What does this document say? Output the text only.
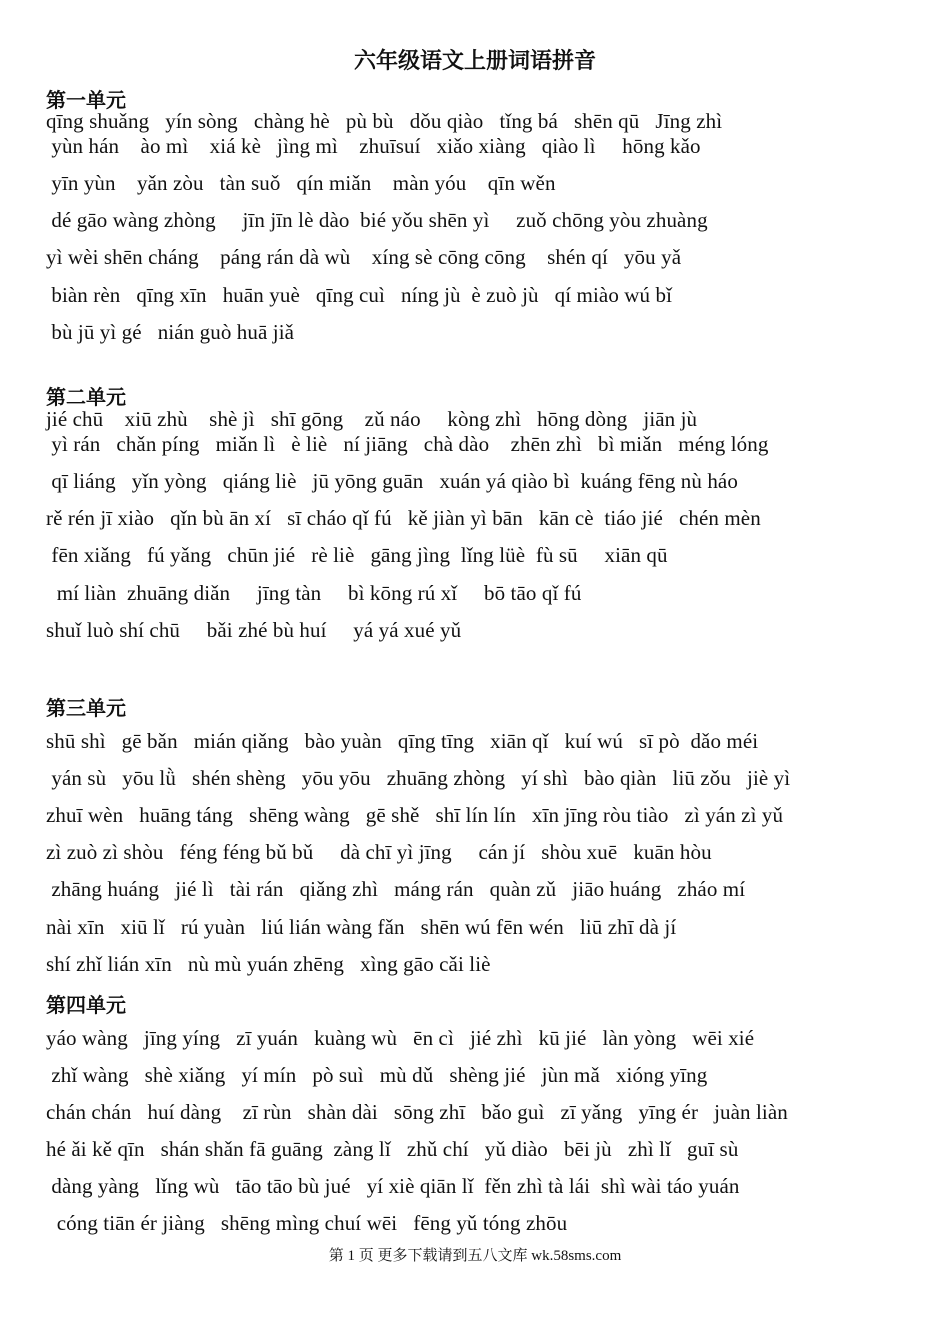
六年级语文上册词语拼音
第一单元
qīng shuǎng   yín sòng   chàng hè   pù bù   dǒu qiào   tǐng bá   shēn qū   Jīng zhì
yùn hán    ào mì    xiá kè   jìng mì    zhuīsuí   xiǎo xiàng   qiào lì     hōng kǎo
yīn yùn    yǎn zòu   tàn suǒ   qín miǎn    màn yóu    qīn wěn
dé gāo wàng zhòng     jīn jīn lè dào  bié yǒu shēn yì     zuǒ chōng yòu zhuàng
yì wèi shēn cháng    páng rán dà wù    xíng sè cōng cōng    shén qí   yōu yǎ
biàn rèn   qīng xīn   huān yuè   qīng cuì   níng jù  è zuò jù   qí miào wú bǐ
bù jū yì gé   nián guò huā jiǎ
第二单元
jié chū    xiū zhù    shè jì   shī gōng    zǔ náo     kòng zhì   hōng dòng   jiān jù
yì rán   chǎn píng   miǎn lì   è liè   ní jiāng   chà dào    zhēn zhì   bì miǎn   méng lóng
qī liáng   yǐn yòng   qiáng liè   jū yōng guān   xuán yá qiào bì  kuáng fēng nù háo
rě rén jī xiào   qǐn bù ān xí   sī cháo qǐ fú   kě jiàn yì bān   kān cè  tiáo jié   chén mèn
fēn xiǎng   fú yǎng   chūn jié   rè liè   gāng jìng  lǐng lüè  fù sū     xiān qū
mí liàn  zhuāng diǎn     jīng tàn     bì kōng rú xǐ     bō tāo qǐ fú
shuǐ luò shí chū     bǎi zhé bù huí     yá yá xué yǔ
第三单元
shū shì   gē bǎn   mián qiǎng   bào yuàn   qīng tīng   xiān qǐ   kuí wú   sī pò  dǎo méi
yán sù   yōu lǜ   shén shèng   yōu yōu   zhuāng zhòng   yí shì   bào qiàn   liū zǒu   jiè yì
zhuī wèn   huāng táng   shēng wàng   gē shě   shī lín lín   xīn jīng ròu tiào   zì yán zì yǔ
zì zuò zì shòu   féng féng bǔ bǔ     dà chī yì jīng     cán jí   shòu xuē   kuān hòu
zhāng huáng   jié lì   tài rán   qiǎng zhì   máng rán   quàn zǔ   jiāo huáng   zháo mí
nài xīn   xiū lǐ   rú yuàn   liú lián wàng fǎn   shēn wú fēn wén   liū zhī dà jí
shí zhǐ lián xīn   nù mù yuán zhēng   xìng gāo cǎi liè
第四单元
yáo wàng   jīng yíng   zī yuán   kuàng wù   ēn cì   jié zhì   kū jié   làn yòng   wēi xié
zhǐ wàng   shè xiǎng   yí mín   pò suì   mù dǔ   shèng jié   jùn mǎ   xióng yīng
chán chán   huí dàng    zī rùn   shàn dài   sōng zhī   bǎo guì   zī yǎng   yīng ér   juàn liàn
hé ǎi kě qīn   shán shǎn fā guāng  zàng lǐ   zhǔ chí   yǔ diào   bēi jù   zhì lǐ   guī sù
dàng yàng   lǐng wù   tāo tāo bù jué   yí xiè qiān lǐ  fěn zhì tà lái  shì wài táo yuán
cóng tiān ér jiàng   shēng mìng chuí wēi   fēng yǔ tóng zhōu
第 1 页 更多下载请到五八文库 wk.58sms.com
